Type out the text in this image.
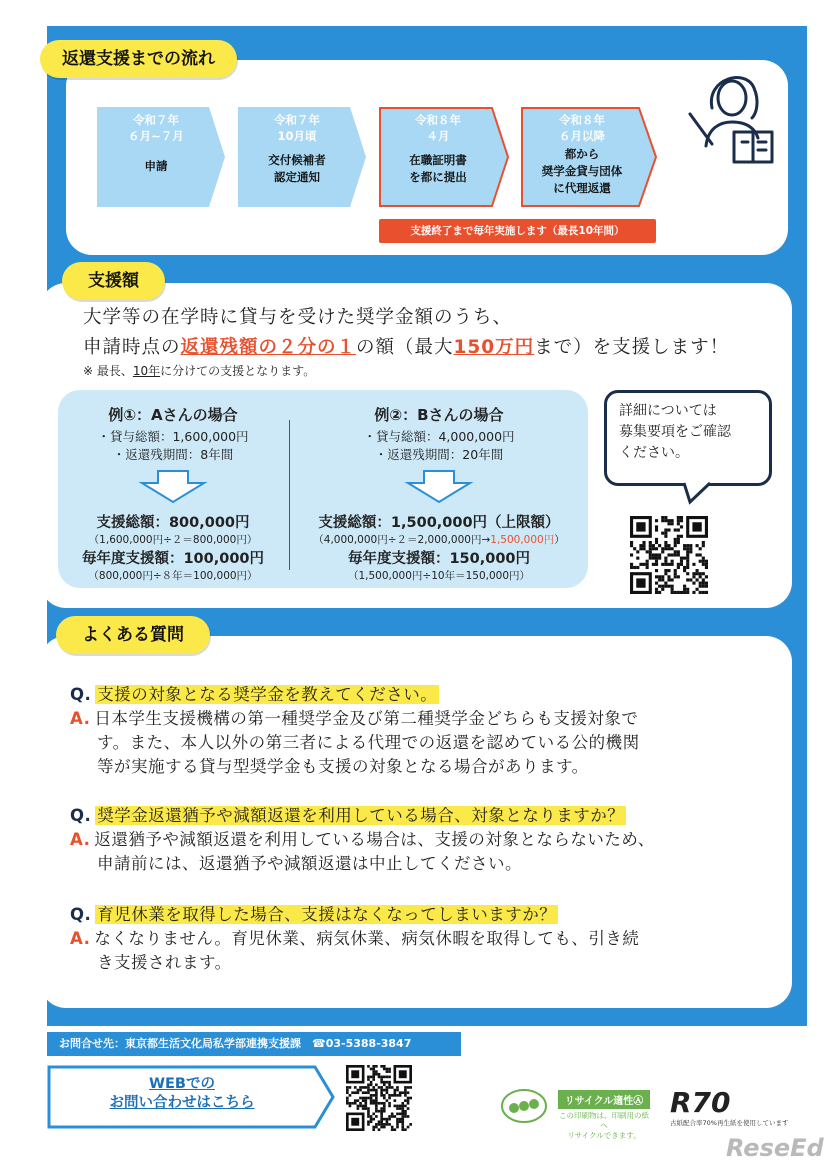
返還支援までの流れ
令和７年
６月~７月
申請
令和７年
10月頃
交付候補者
認定通知
令和８年
４月
在職証明書
を都に提出
令和８年
６月以降
都から
奨学金貸与団体
に代理返還
支援終了まで毎年実施します（最長10年間）
支援額
大学等の在学時に貸与を受けた奨学金額のうち、
申請時点の返還残額の２分の１の額（最大150万円まで）を支援します！
※ 最長、10年に分けての支援となります。
例①：Aさんの場合
・貸与総額：1,600,000円
・返還残期間：8年間
支援総額：800,000円
（1,600,000円÷２＝800,000円）
毎年度支援額：100,000円
（800,000円÷８年＝100,000円）
例②：Bさんの場合
・貸与総額：4,000,000円
・返還残期間：20年間
支援総額：1,500,000円（上限額）
（4,000,000円÷２＝2,000,000円→1,500,000円）
毎年度支援額：150,000円
（1,500,000円÷10年＝150,000円）
詳細については
募集要項をご確認
ください。
よくある質問
Q. 支援の対象となる奨学金を教えてください。
A. 日本学生支援機構の第一種奨学金及び第二種奨学金どちらも支援対象で
す。また、本人以外の第三者による代理での返還を認めている公的機関
等が実施する貸与型奨学金も支援の対象となる場合があります。
Q. 奨学金返還猶予や減額返還を利用している場合、対象となりますか？
A. 返還猶予や減額返還を利用している場合は、支援の対象とならないため、
申請前には、返還猶予や減額返還は中止してください。
Q. 育児休業を取得した場合、支援はなくなってしまいますか？
A. なくなりません。育児休業、病気休業、病気休暇を取得しても、引き続
き支援されます。
お問合せ先：東京都生活文化局私学部連携支援課　☎03-5388-3847
WEBでの
お問い合わせはこちら	リサイクル適性Ⓐ
この印刷物は、印刷用の紙へ
リサイクルできます。
R70
古紙配合率70%再生紙を使用しています
ReseEd
